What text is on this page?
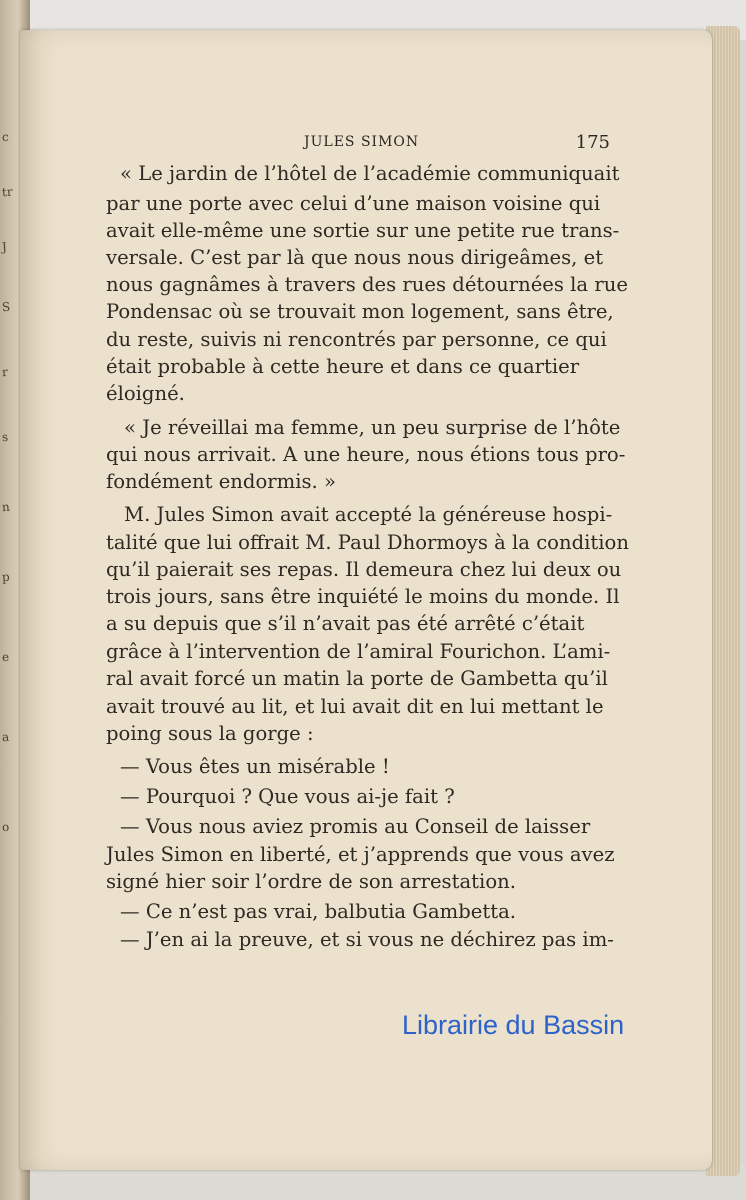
c
tr
J
S
r
s
n
p
e
a
o
JULES SIMON	175

« Le jardin de l’hôtel de l’académie communiquait

par une porte avec celui d’une maison voisine qui

avait elle-même une sortie sur une petite rue trans-

versale. C’est par là que nous nous dirigeâmes, et

nous gagnâmes à travers des rues détournées la rue

Pondensac où se trouvait mon logement, sans être,

du reste, suivis ni rencontrés par personne, ce qui

était probable à cette heure et dans ce quartier

éloigné.

« Je réveillai ma femme, un peu surprise de l’hôte

qui nous arrivait. A une heure, nous étions tous pro-

fondément endormis. »

M. Jules Simon avait accepté la généreuse hospi-

talité que lui offrait M. Paul Dhormoys à la condition

qu’il paierait ses repas. Il demeura chez lui deux ou

trois jours, sans être inquiété le moins du monde. Il

a su depuis que s’il n’avait pas été arrêté c’était

grâce à l’intervention de l’amiral Fourichon. L’ami-

ral avait forcé un matin la porte de Gambetta qu’il

avait trouvé au lit, et lui avait dit en lui mettant le

poing sous la gorge :

— Vous êtes un misérable !

— Pourquoi ? Que vous ai-je fait ?

— Vous nous aviez promis au Conseil de laisser

Jules Simon en liberté, et j’apprends que vous avez

signé hier soir l’ordre de son arrestation.

— Ce n’est pas vrai, balbutia Gambetta.

— J’en ai la preuve, et si vous ne déchirez pas im-

Librairie du Bassin
